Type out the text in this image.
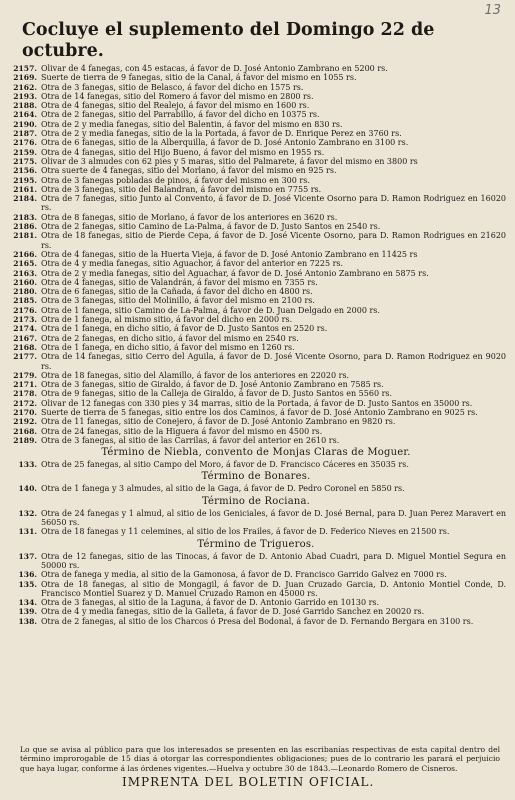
13
Cocluye el suplemento del Domingo 22 de octubre.
2157. Olivar de 4 fanegas, con 45 estacas, á favor de D. José Antonio Zambrano en 5200 rs.
2169. Suerte de tierra de 9 fanegas, sitio de la Canal, á favor del mismo en 1055 rs.
2162. Otra de 3 fanegas, sitio de Belasco, á favor del dicho en 1575 rs.
2193. Otra de 14 fanegas, sitio del Romero á favor del mismo en 2800 rs.
2188. Otra de 4 fanegas, sitio del Realejo, á favor del mismo en 1600 rs.
2164. Otra de 2 fanegas, sitio del Parrabillo, á favor del dicho en 10375 rs.
2190. Otra de 2 y media fanegas, sitio del Balentin, á favor del mismo en 830 rs.
2187. Otra de 2 y media fanegas, sitio de la la Portada, á favor de D. Enrique Perez en 3760 rs.
2176. Otra de 6 fanegas, sitio de la Alberquilla, á favor de D. José Antonio Zambrano en 3100 rs.
2159. Otra de 4 fanegas, sitio del Hijo Bueno, á favor del mismo en 1955 rs.
2175. Olivar de 3 almudes con 62 pies y 5 maras, sitio del Palmarete, á favor del mismo en 3800 rs
2156. Otra suerte de 4 fanegas, sitio del Morlano, á favor del mismo en 925 rs.
2195. Otra de 3 fanegas pobladas de pinos, á favor del mismo en 300 rs.
2161. Otra de 3 fanegas, sitio del Balandran, á favor del mismo en 7755 rs.
2184. Otra de 7 fanegas, sitio Junto al Convento, á favor de D. José Vicente Osorno para D. Ramon Rodriguez en 16020 rs.
2183. Otra de 8 fanegas, sitio de Morlano, á favor de los anteriores en 3620 rs.
2186. Otra de 2 fanegas, sitio Camino de La-Palma, á favor de D. Justo Santos en 2540 rs.
2181. Otra de 18 fanegas, sitio de Pierde Cepa, á favor de D. José Vicente Osorno, para D. Ramon Rodrigues en 21620 rs.
2166. Otra de 4 fanegas, sitio de la Huerta Vieja, á favor de D. José Antonio Zambrano en 11425 rs
2165. Otra de 4 y media fanegas, sitio Aguachor, á favor del anterior en 7225 rs.
2163. Otra de 2 y media fanegas, sitio del Aguachar, á favor de D. José Antonio Zambrano en 5875 rs.
2160. Otra de 4 fanegas, sitio de Valandrán, á favor del mismo en 7355 rs.
2180. Otra de 6 fanegas, sitio de la Cañada, á favor del dicho en 4800 rs.
2185. Otra de 3 fanegas, sitio del Molinillo, á favor del mismo en 2100 rs.
2176. Otra de 1 fanega, sitio Camino de La-Palma, á favor de D. Juan Delgado en 2000 rs.
2173. Otra de 1 fanega, al mismo sitio, á favor del dicho en 2000 rs.
2174. Otra de 1 fanega, en dicho sitio, á favor de D. Justo Santos en 2520 rs.
2167. Otra de 2 fanegas, en dicho sitio, á favor del mismo en 2540 rs.
2168. Otra de 1 fanega, en dicho sitio, á favor del mismo en 1260 rs.
2177. Otra de 14 fanegas, sitio Cerro del Aguila, á favor de D. José Vicente Osorno, para D. Ramon Rodriguez en 9020 rs.
2179. Otra de 18 fanegas, sitio del Alamillo, á favor de los anteriores en 22020 rs.
2171. Otra de 3 fanegas, sitio de Giraldo, á favor de D. José Antonio Zambrano en 7585 rs.
2178. Otra de 9 fanegas, sitio de la Calleja de Giraldo, á favor de D. Justo Santos en 5560 rs.
2172. Olivar de 12 fanegas con 330 pies y 34 marras, sitio de la Portada, á favor de D. Justo Santos en 35000 rs.
2170. Suerte de tierra de 5 fanegas, sitio entre los dos Caminos, á favor de D. José Antonio Zambrano en 9025 rs.
2192. Otra de 11 fanegas, sitio de Conejero, á favor de D. José Antonio Zambrano en 9820 rs.
2168. Otra de 24 fanegas, sitio de la Higuera á favor del mismo en 4500 rs.
2189. Otra de 3 fanegas, al sitio de las Carrilas, á favor del anterior en 2610 rs.
Término de Niebla, convento de Monjas Claras de Moguer.
133. Otra de 25 fanegas, al sitio Campo del Moro, á favor de D. Francisco Cáceres en 35035 rs.
Término de Bonares.
140. Otra de 1 fanega y 3 almudes, al sitio de la Gaga, á favor de D. Pedro Coronel en 5850 rs.
Término de Rociana.
132. Otra de 24 fanegas y 1 almud, al sitio de los Geniciales, á favor de D. José Bernal, para D. Juan Perez Maravert en 56050 rs.
131. Otra de 18 fanegas y 11 celemines, al sitio de los Frailes, á favor de D. Federico Nieves en 21500 rs.
Término de Trigueros.
137. Otra de 12 fanegas, sitio de las Tinocas, á favor de D. Antonio Abad Cuadri, para D. Miguel Montiel Segura en 50000 rs.
136. Otra de fanega y media, al sitio de la Gamonosa, á favor de D. Francisco Garrido Galvez en 7000 rs.
135. Otra de 18 fanegas, al sitio de Mongagil, á favor de D. Juan Cruzado Garcia, D. Antonio Montiel Conde, D. Francisco Montiel Suarez y D. Manuel Cruzado Ramon en 45000 rs.
134. Otra de 3 fanegas, al sitio de la Laguna, á favor de D. Antonio Garrido en 10130 rs.
139. Otra de 4 y media fanegas, sitio de la Galleta, á favor de D. José Garrido Sanchez en 20020 rs.
138. Otra de 2 fanegas, al sitio de los Charcos ó Presa del Bodonal, á favor de D. Fernando Bergara en 3100 rs.
Lo que se avisa al público para que los interesados se presenten en las escribanías respectivas de esta capital dentro del término improrogable de 15 dias á otorgar las correspondientes obligaciones; pues de lo contrario les parará el perjuicio que haya lugar, conforme á las órdenes vigentes.—Huelva y octubre 30 de 1843.—Leonardo Romero de Cisneros.
IMPRENTA DEL BOLETIN OFICIAL.
